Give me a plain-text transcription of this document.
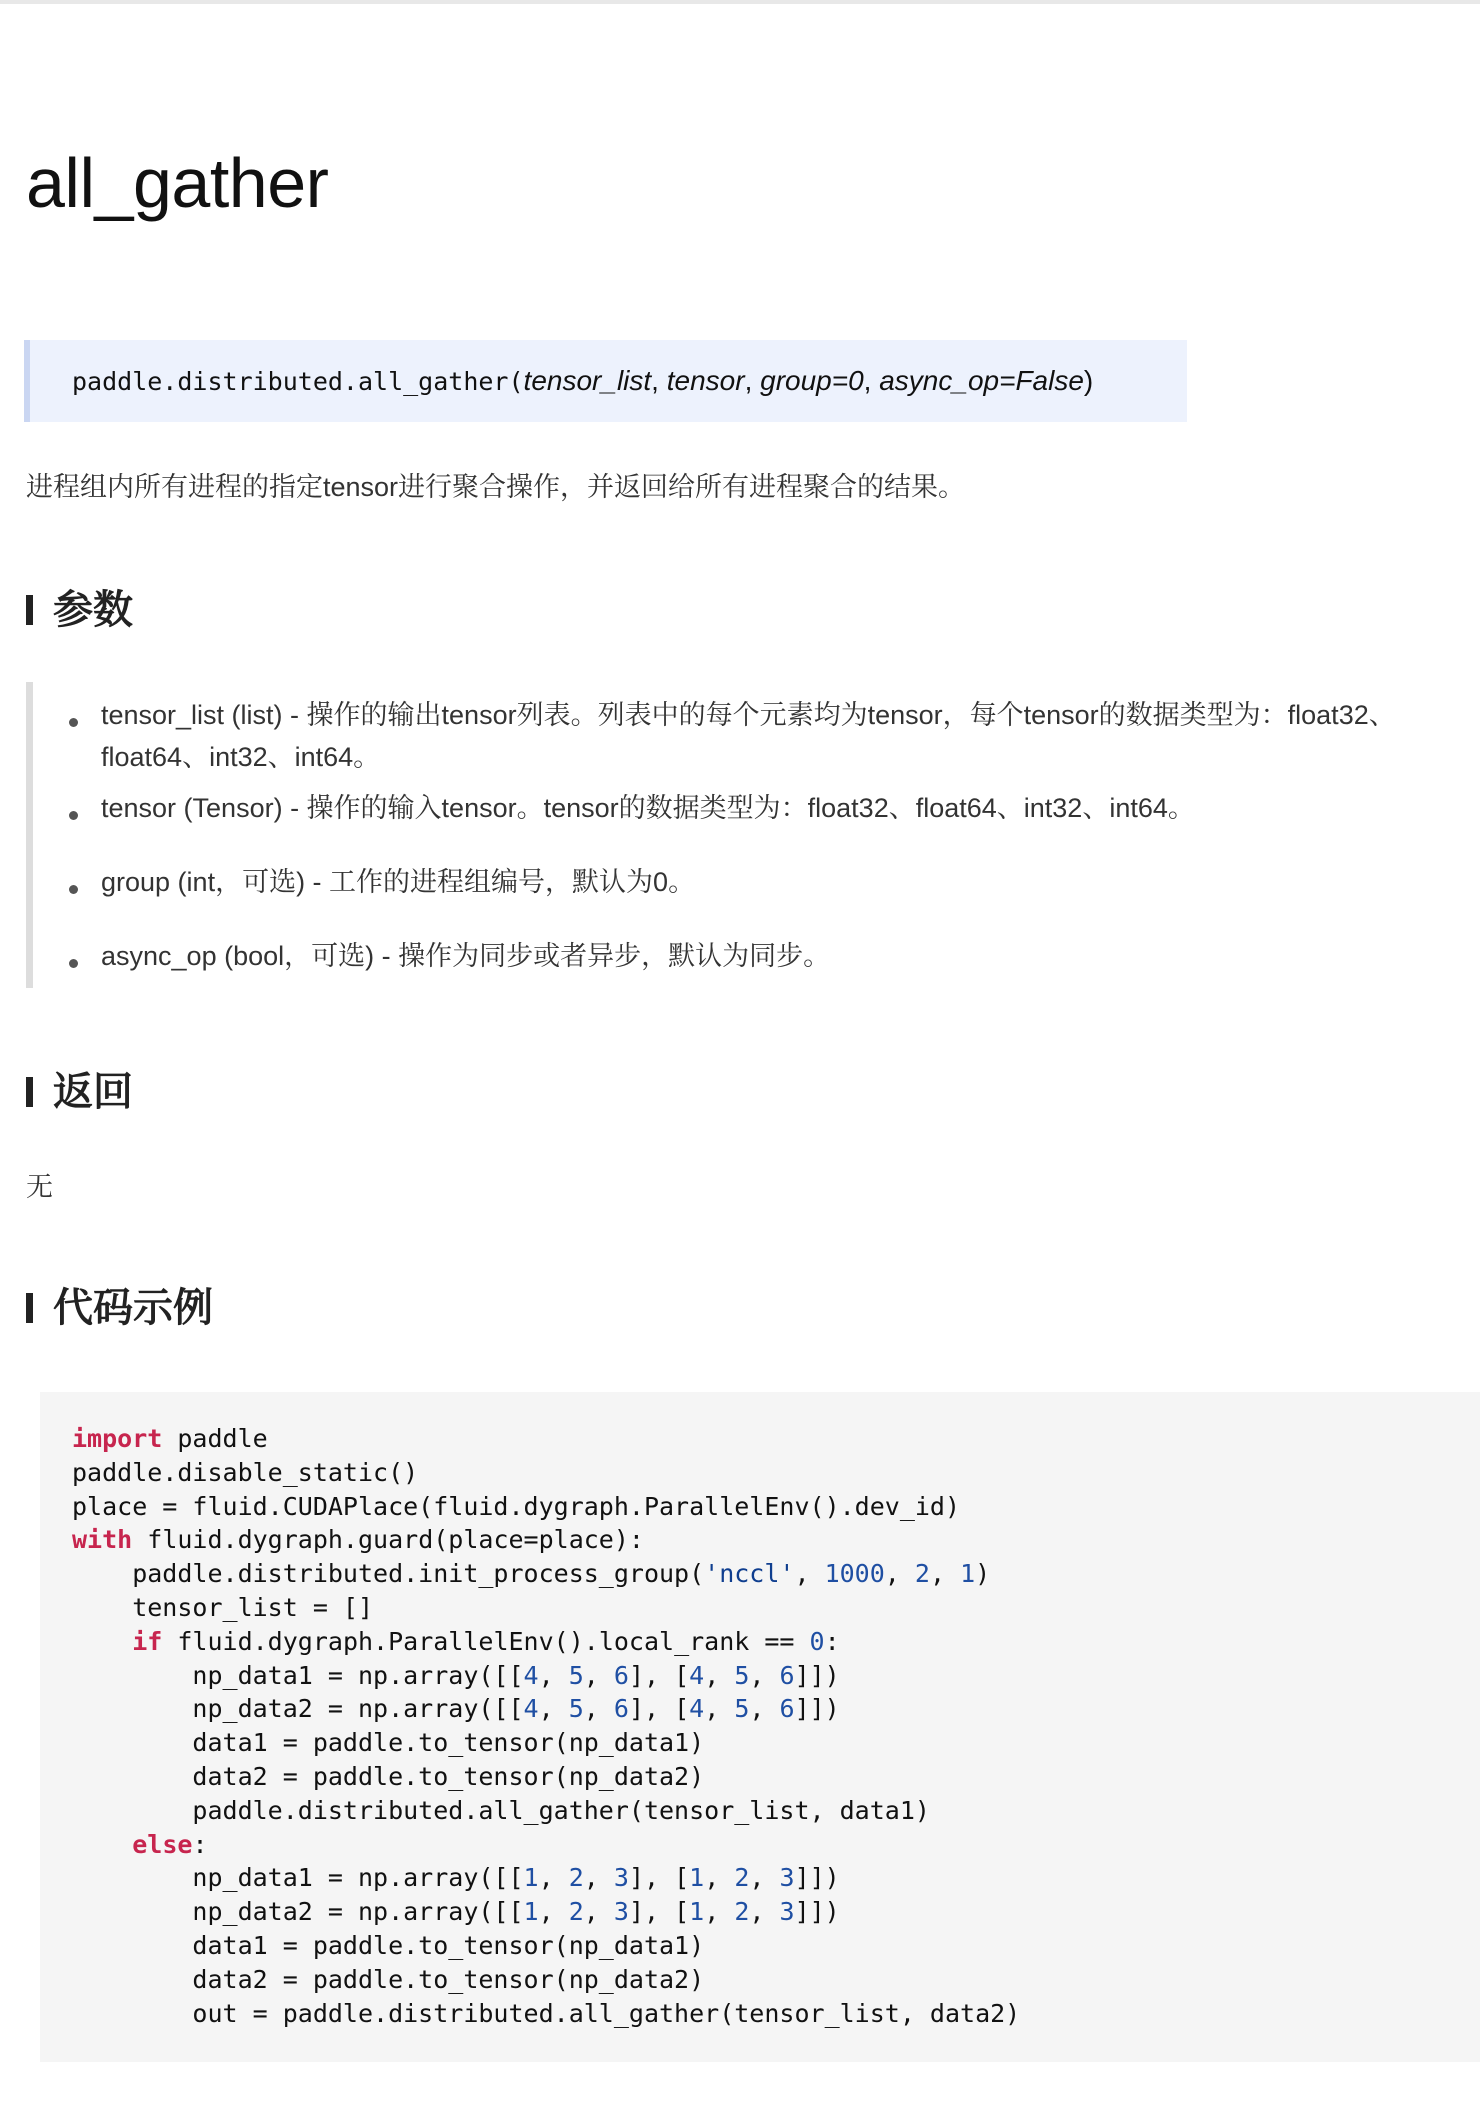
all_gather
paddle.distributed.all_gather( tensor_list , tensor , group=0 , async_op=False )

进程组内所有进程的指定tensor进行聚合操作，并返回给所有进程聚合的结果。

参数
tensor_list (list) - 操作的输出tensor列表。列表中的每个元素均为tensor，每个tensor的数据类型为：float32、
float64、int32、int64。
tensor (Tensor) - 操作的输入tensor。tensor的数据类型为：float32、float64、int32、int64。
group (int，可选) - 工作的进程组编号，默认为0。
async_op (bool，可选) - 操作为同步或者异步，默认为同步。
返回

无

代码示例
import paddle
paddle.disable_static()
place = fluid.CUDAPlace(fluid.dygraph.ParallelEnv().dev_id)
with fluid.dygraph.guard(place=place):
paddle.distributed.init_process_group('nccl', 1000, 2, 1)
tensor_list = []
if fluid.dygraph.ParallelEnv().local_rank == 0:
np_data1 = np.array([[4, 5, 6], [4, 5, 6]])
np_data2 = np.array([[4, 5, 6], [4, 5, 6]])
data1 = paddle.to_tensor(np_data1)
data2 = paddle.to_tensor(np_data2)
paddle.distributed.all_gather(tensor_list, data1)
else:
np_data1 = np.array([[1, 2, 3], [1, 2, 3]])
np_data2 = np.array([[1, 2, 3], [1, 2, 3]])
data1 = paddle.to_tensor(np_data1)
data2 = paddle.to_tensor(np_data2)
out = paddle.distributed.all_gather(tensor_list, data2)
